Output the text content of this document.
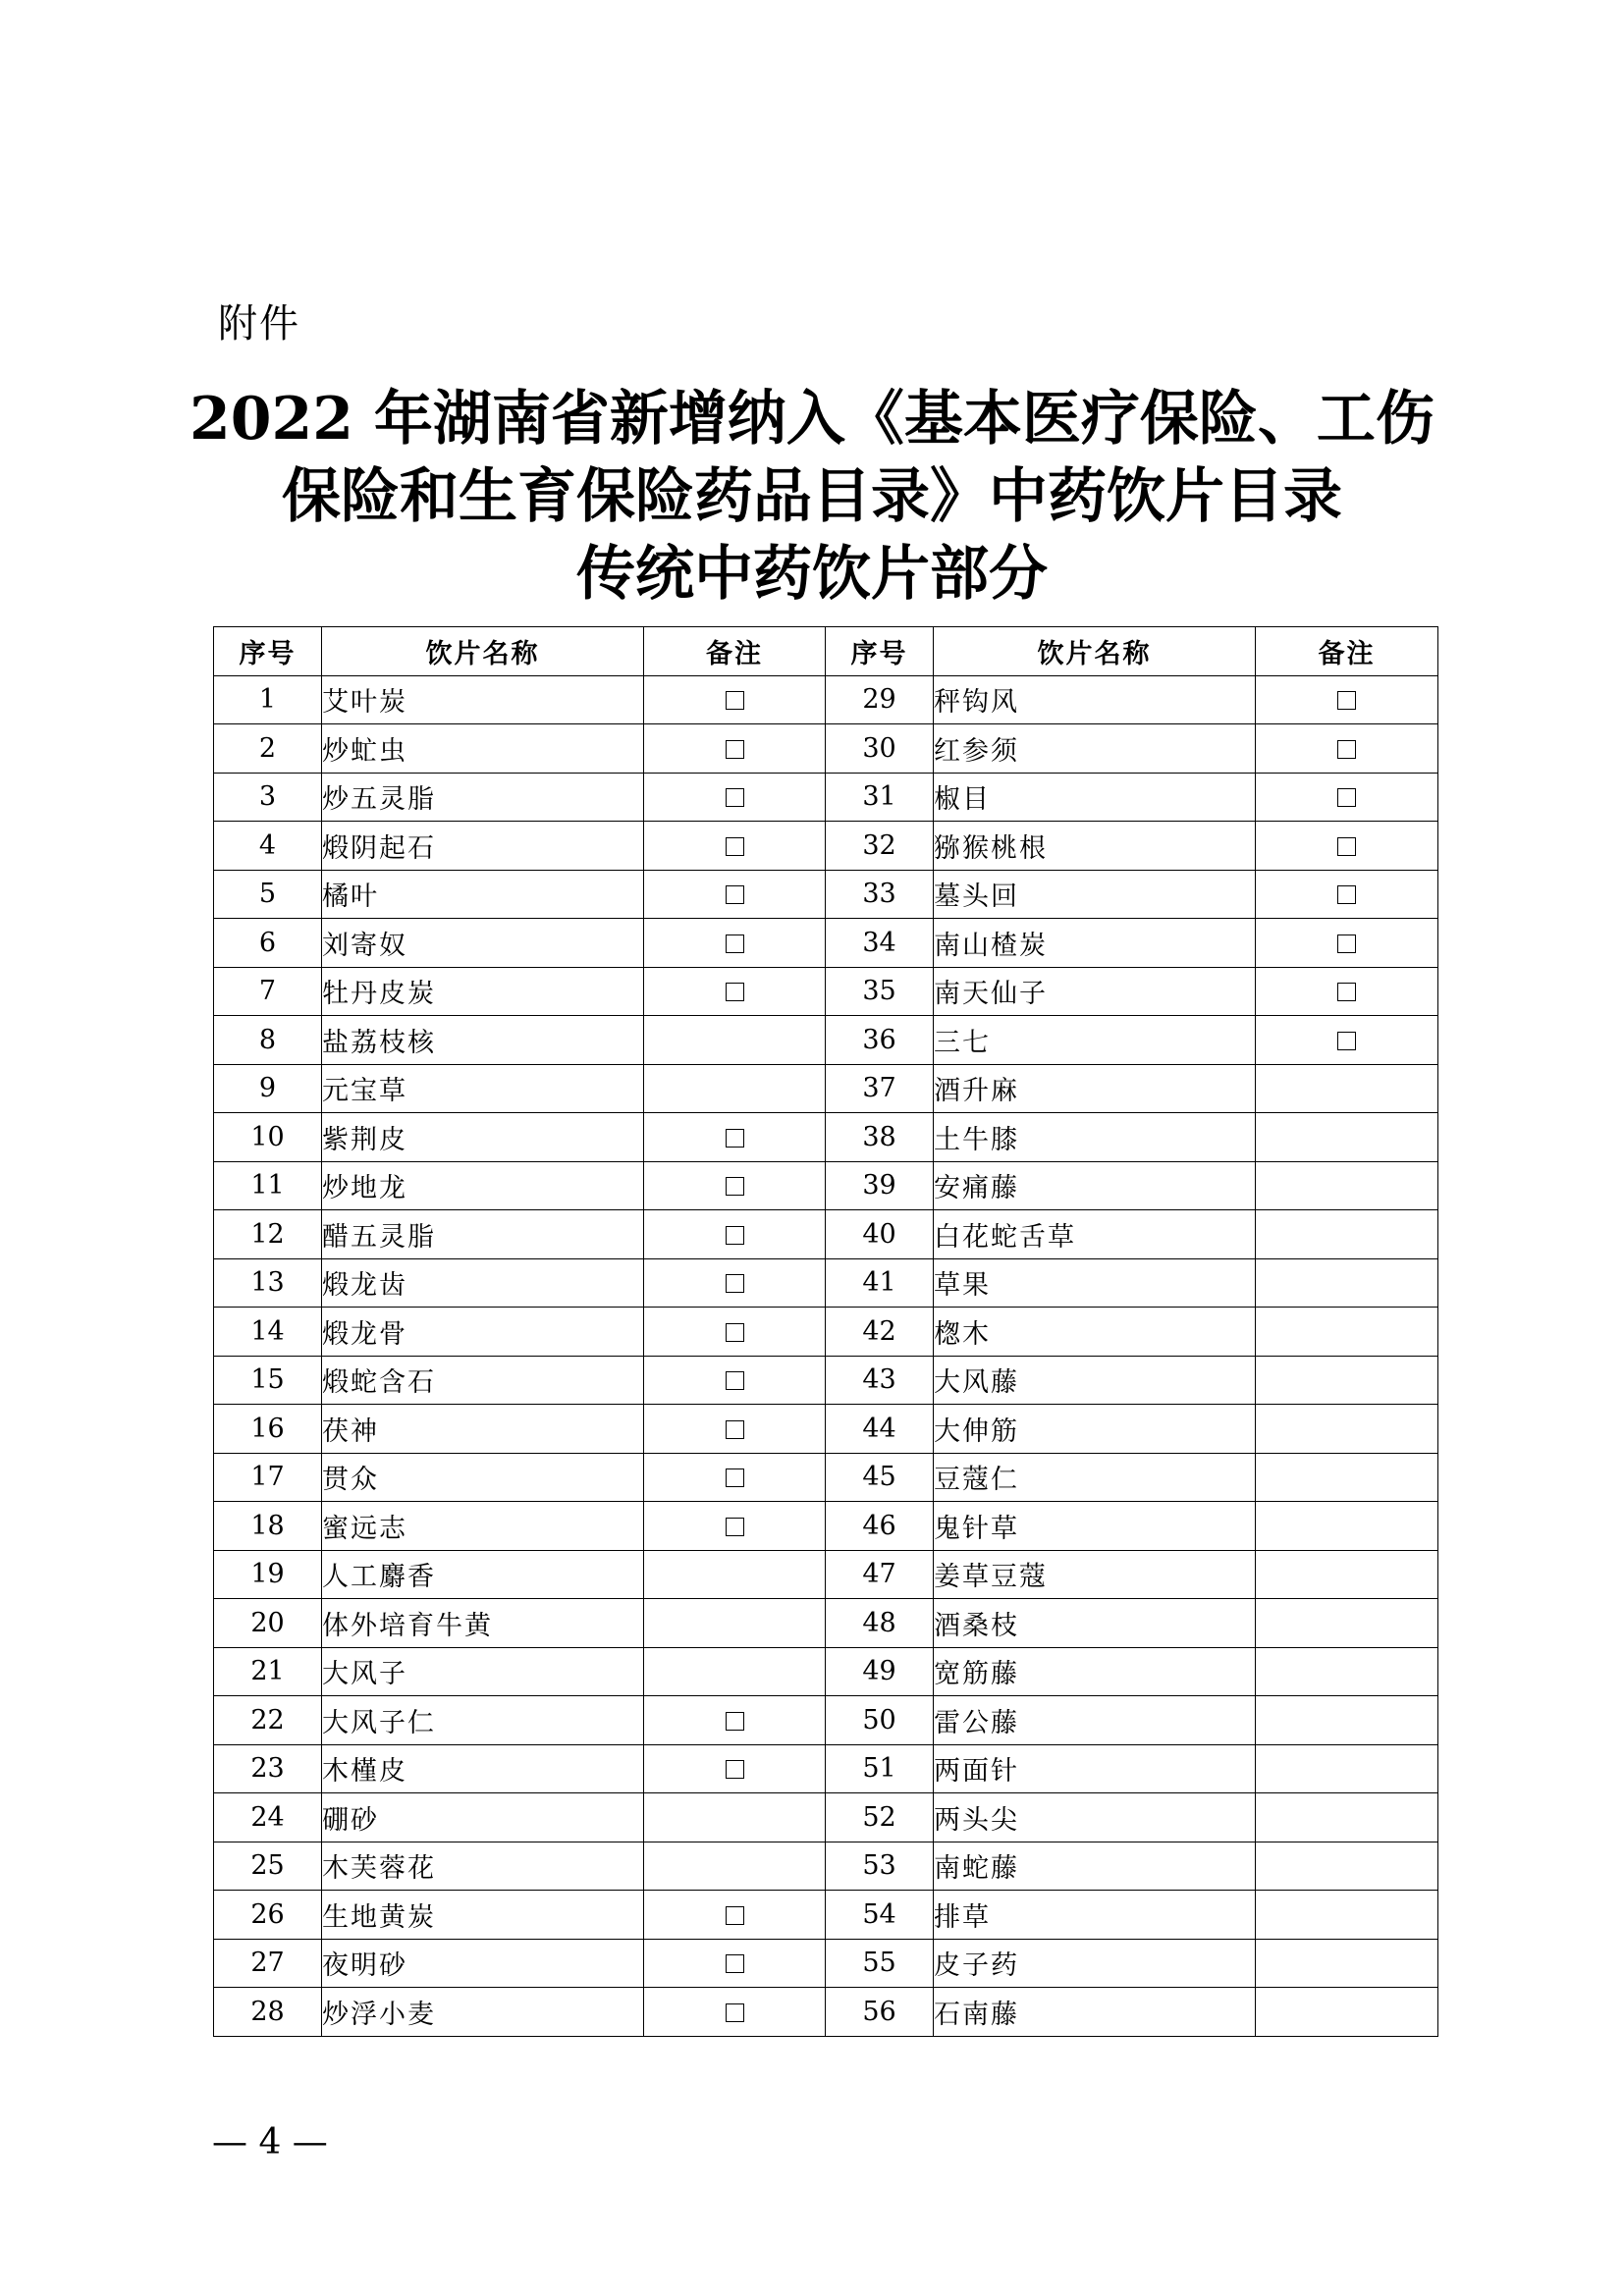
附件
2022 年湖南省新增纳入《基本医疗保险、工伤
保险和生育保险药品目录》中药饮片目录
传统中药饮片部分
序号	饮片名称	备注	序号	饮片名称	备注
1	艾叶炭		29	秤钩风	
2	炒虻虫		30	红参须	
3	炒五灵脂		31	椒目	
4	煅阴起石		32	猕猴桃根	
5	橘叶		33	墓头回	
6	刘寄奴		34	南山楂炭	
7	牡丹皮炭		35	南天仙子	
8	盐荔枝核		36	三七	
9	元宝草		37	酒升麻	
10	紫荆皮		38	土牛膝	
11	炒地龙		39	安痛藤	
12	醋五灵脂		40	白花蛇舌草	
13	煅龙齿		41	草果	
14	煅龙骨		42	楤木	
15	煅蛇含石		43	大风藤	
16	茯神		44	大伸筋	
17	贯众		45	豆蔻仁	
18	蜜远志		46	鬼针草	
19	人工麝香		47	姜草豆蔻	
20	体外培育牛黄		48	酒桑枝	
21	大风子		49	宽筋藤	
22	大风子仁		50	雷公藤	
23	木槿皮		51	两面针	
24	硼砂		52	两头尖	
25	木芙蓉花		53	南蛇藤	
26	生地黄炭		54	排草	
27	夜明砂		55	皮子药	
28	炒浮小麦		56	石南藤	
— 4 —
